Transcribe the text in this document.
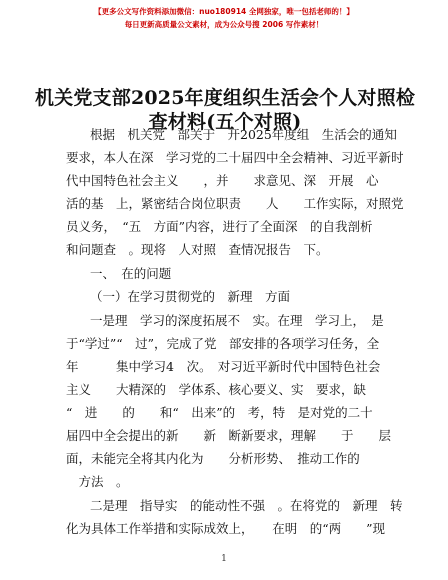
【更多公文写作资料添加微信：nuo180914 全网独家，唯一包括老师的！】
每日更新高质量公文素材，成为公众号搜 2006 写作素材！
机关党支部2025年度组织生活会个人对照检查材料(五个对照)
根据　机关党　部关于　开2025年度组　生活会的通知
要求，本人在深　学习党的二十届四中全会精神、习近平新时
代中国特色社会主义　　，并　　求意见、深　开展　心
活的基　上，紧密结合岗位职责　　人　　工作实际，对照党
员义务，　“五　方面”内容，进行了全面深　的自我剖析
和问题查　。现将　人对照　查情况报告　下。
一、　在的问题
（一）在学习贯彻党的　新理　方面
一是理　学习的深度拓展不　实。在理　学习上，　是
于“学过”“　过”，完成了党　部安排的各项学习任务，全
年　　　集中学习4　次。　对习近平新时代中国特色社会
主义　　大精深的　学体系、核心要义、实　要求，缺
“　进　　的　　和“　出来”的　考，特　是对党的二十
届四中全会提出的新　　新　断新要求，理解　　于　　层
面，未能完全将其内化为　　分析形势、　推动工作的
　方法　。
二是理　指导实　的能动性不强　。在将党的　新理　转
化为具体工作举措和实际成效上，　　在明　的“两　　”现
1
